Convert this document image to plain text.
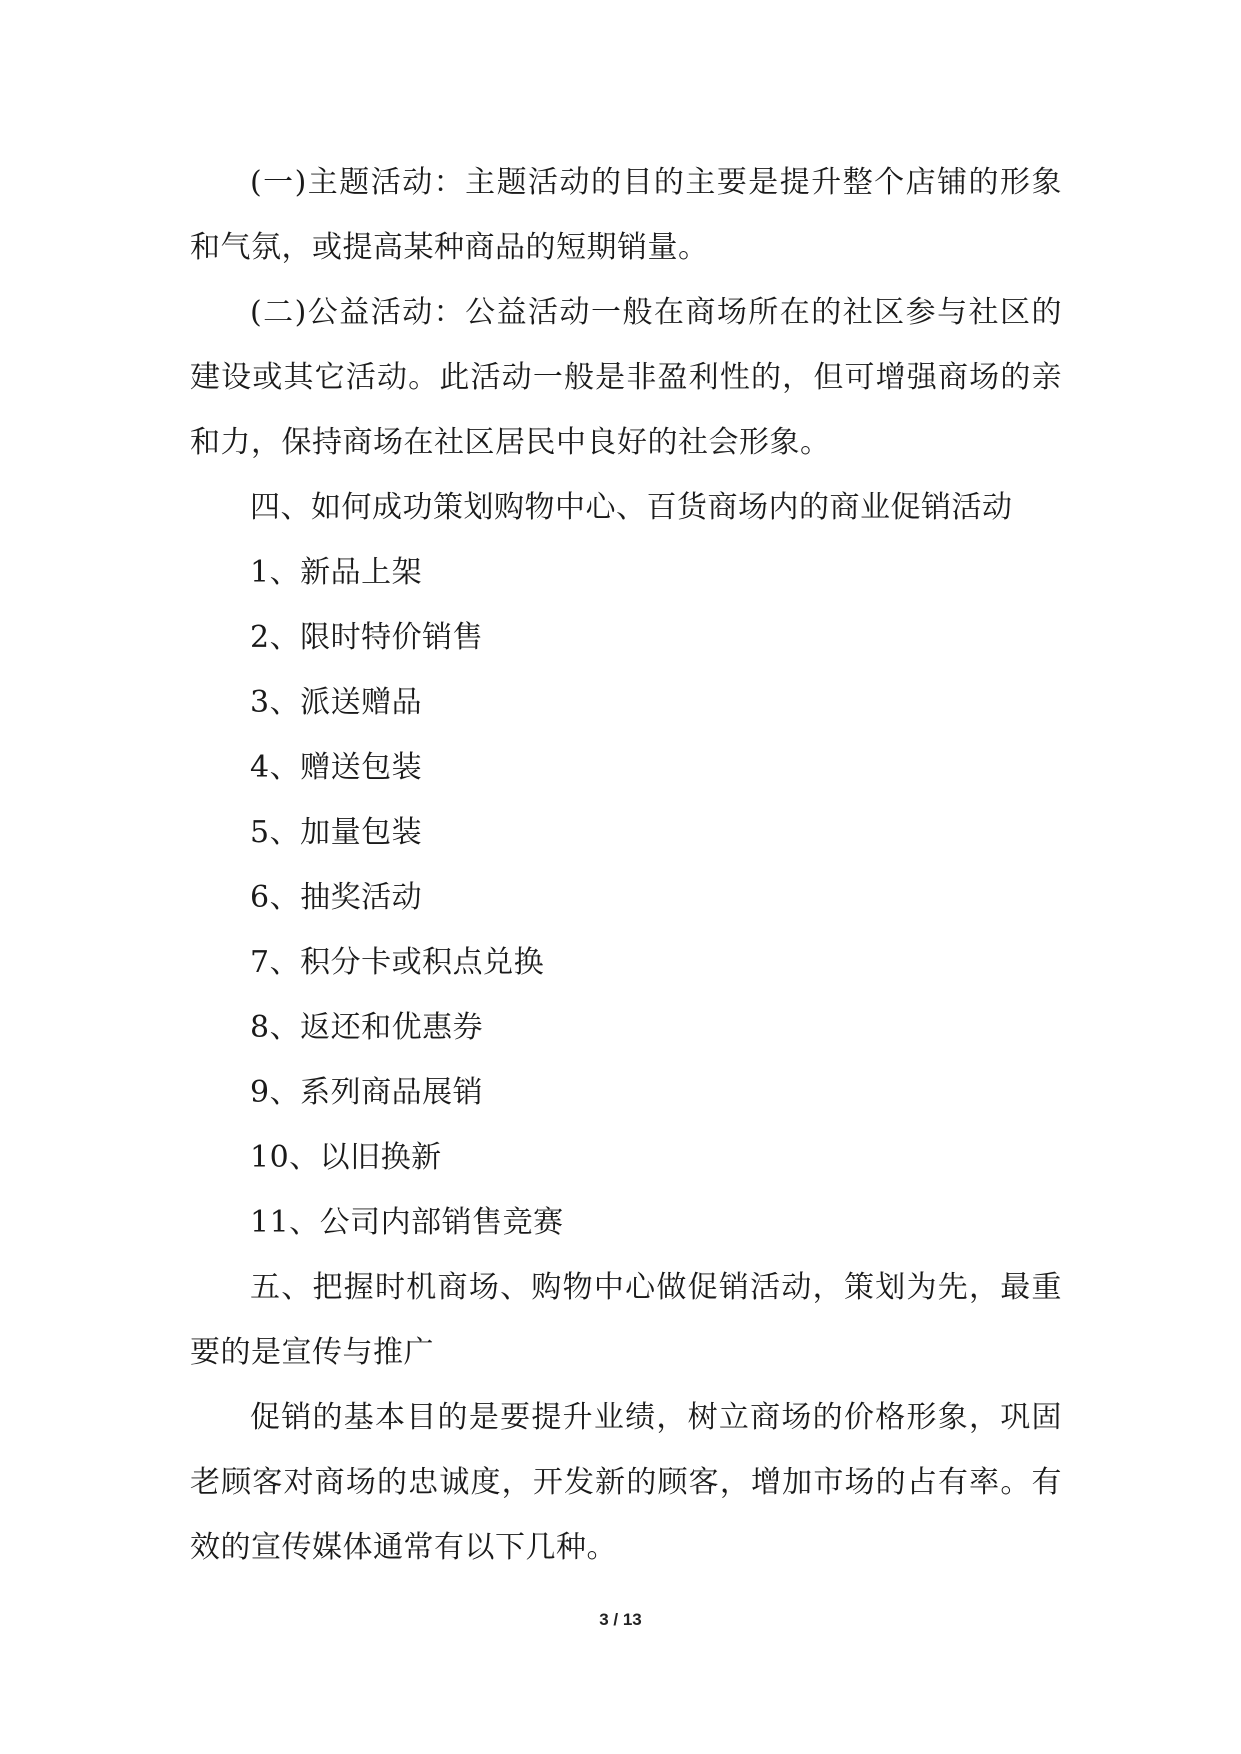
(一)主题活动：主题活动的目的主要是提升整个店铺的形象和气氛，或提高某种商品的短期销量。

(二)公益活动：公益活动一般在商场所在的社区参与社区的建设或其它活动。此活动一般是非盈利性的，但可增强商场的亲和力，保持商场在社区居民中良好的社会形象。

四、如何成功策划购物中心、百货商场内的商业促销活动

1、新品上架

2、限时特价销售

3、派送赠品

4、赠送包装

5、加量包装

6、抽奖活动

7、积分卡或积点兑换

8、返还和优惠券

9、系列商品展销

10、以旧换新

11、公司内部销售竞赛

五、把握时机商场、购物中心做促销活动，策划为先，最重要的是宣传与推广

促销的基本目的是要提升业绩，树立商场的价格形象，巩固老顾客对商场的忠诚度，开发新的顾客，增加市场的占有率。有效的宣传媒体通常有以下几种。

3 / 13
